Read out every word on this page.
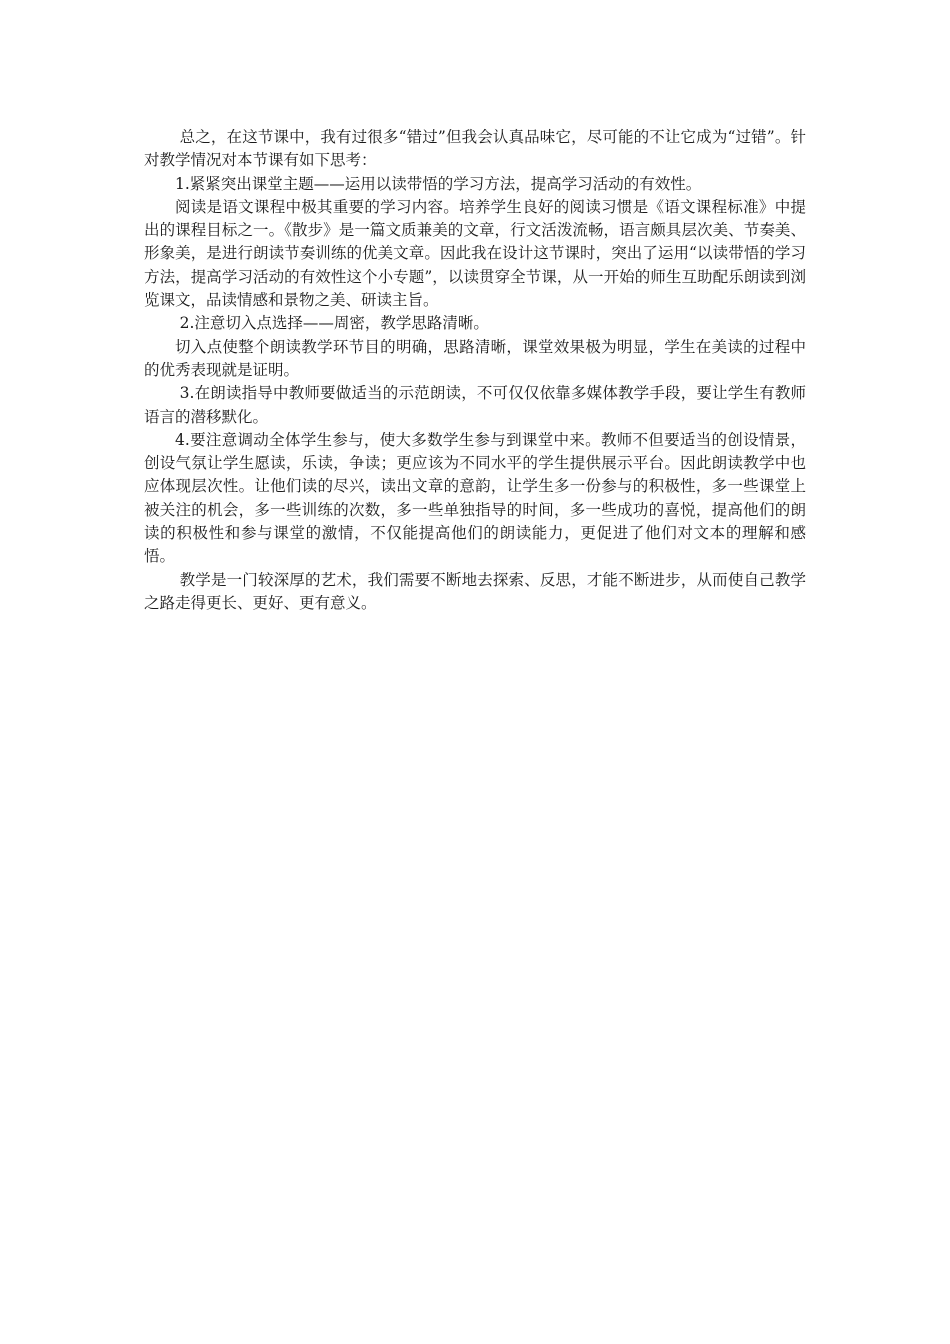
总之，在这节课中，我有过很多“错过”但我会认真品味它，尽可能的不让它成为“过错”。针对教学情况对本节课有如下思考：

1.紧紧突出课堂主题——运用以读带悟的学习方法，提高学习活动的有效性。

阅读是语文课程中极其重要的学习内容。培养学生良好的阅读习惯是《语文课程标准》中提出的课程目标之一。《散步》是一篇文质兼美的文章，行文活泼流畅，语言颇具层次美、节奏美、形象美，是进行朗读节奏训练的优美文章。因此我在设计这节课时，突出了运用“以读带悟的学习方法，提高学习活动的有效性这个小专题”，以读贯穿全节课，从一开始的师生互助配乐朗读到浏览课文，品读情感和景物之美、研读主旨。

2.注意切入点选择——周密，教学思路清晰。

切入点使整个朗读教学环节目的明确，思路清晰，课堂效果极为明显，学生在美读的过程中的优秀表现就是证明。

3.在朗读指导中教师要做适当的示范朗读，不可仅仅依靠多媒体教学手段，要让学生有教师语言的潜移默化。

4.要注意调动全体学生参与，使大多数学生参与到课堂中来。教师不但要适当的创设情景，创设气氛让学生愿读，乐读，争读；更应该为不同水平的学生提供展示平台。因此朗读教学中也应体现层次性。让他们读的尽兴，读出文章的意韵，让学生多一份参与的积极性，多一些课堂上被关注的机会，多一些训练的次数，多一些单独指导的时间，多一些成功的喜悦，提高他们的朗读的积极性和参与课堂的激情，不仅能提高他们的朗读能力，更促进了他们对文本的理解和感悟。

教学是一门较深厚的艺术，我们需要不断地去探索、反思，才能不断进步，从而使自己教学之路走得更长、更好、更有意义。
